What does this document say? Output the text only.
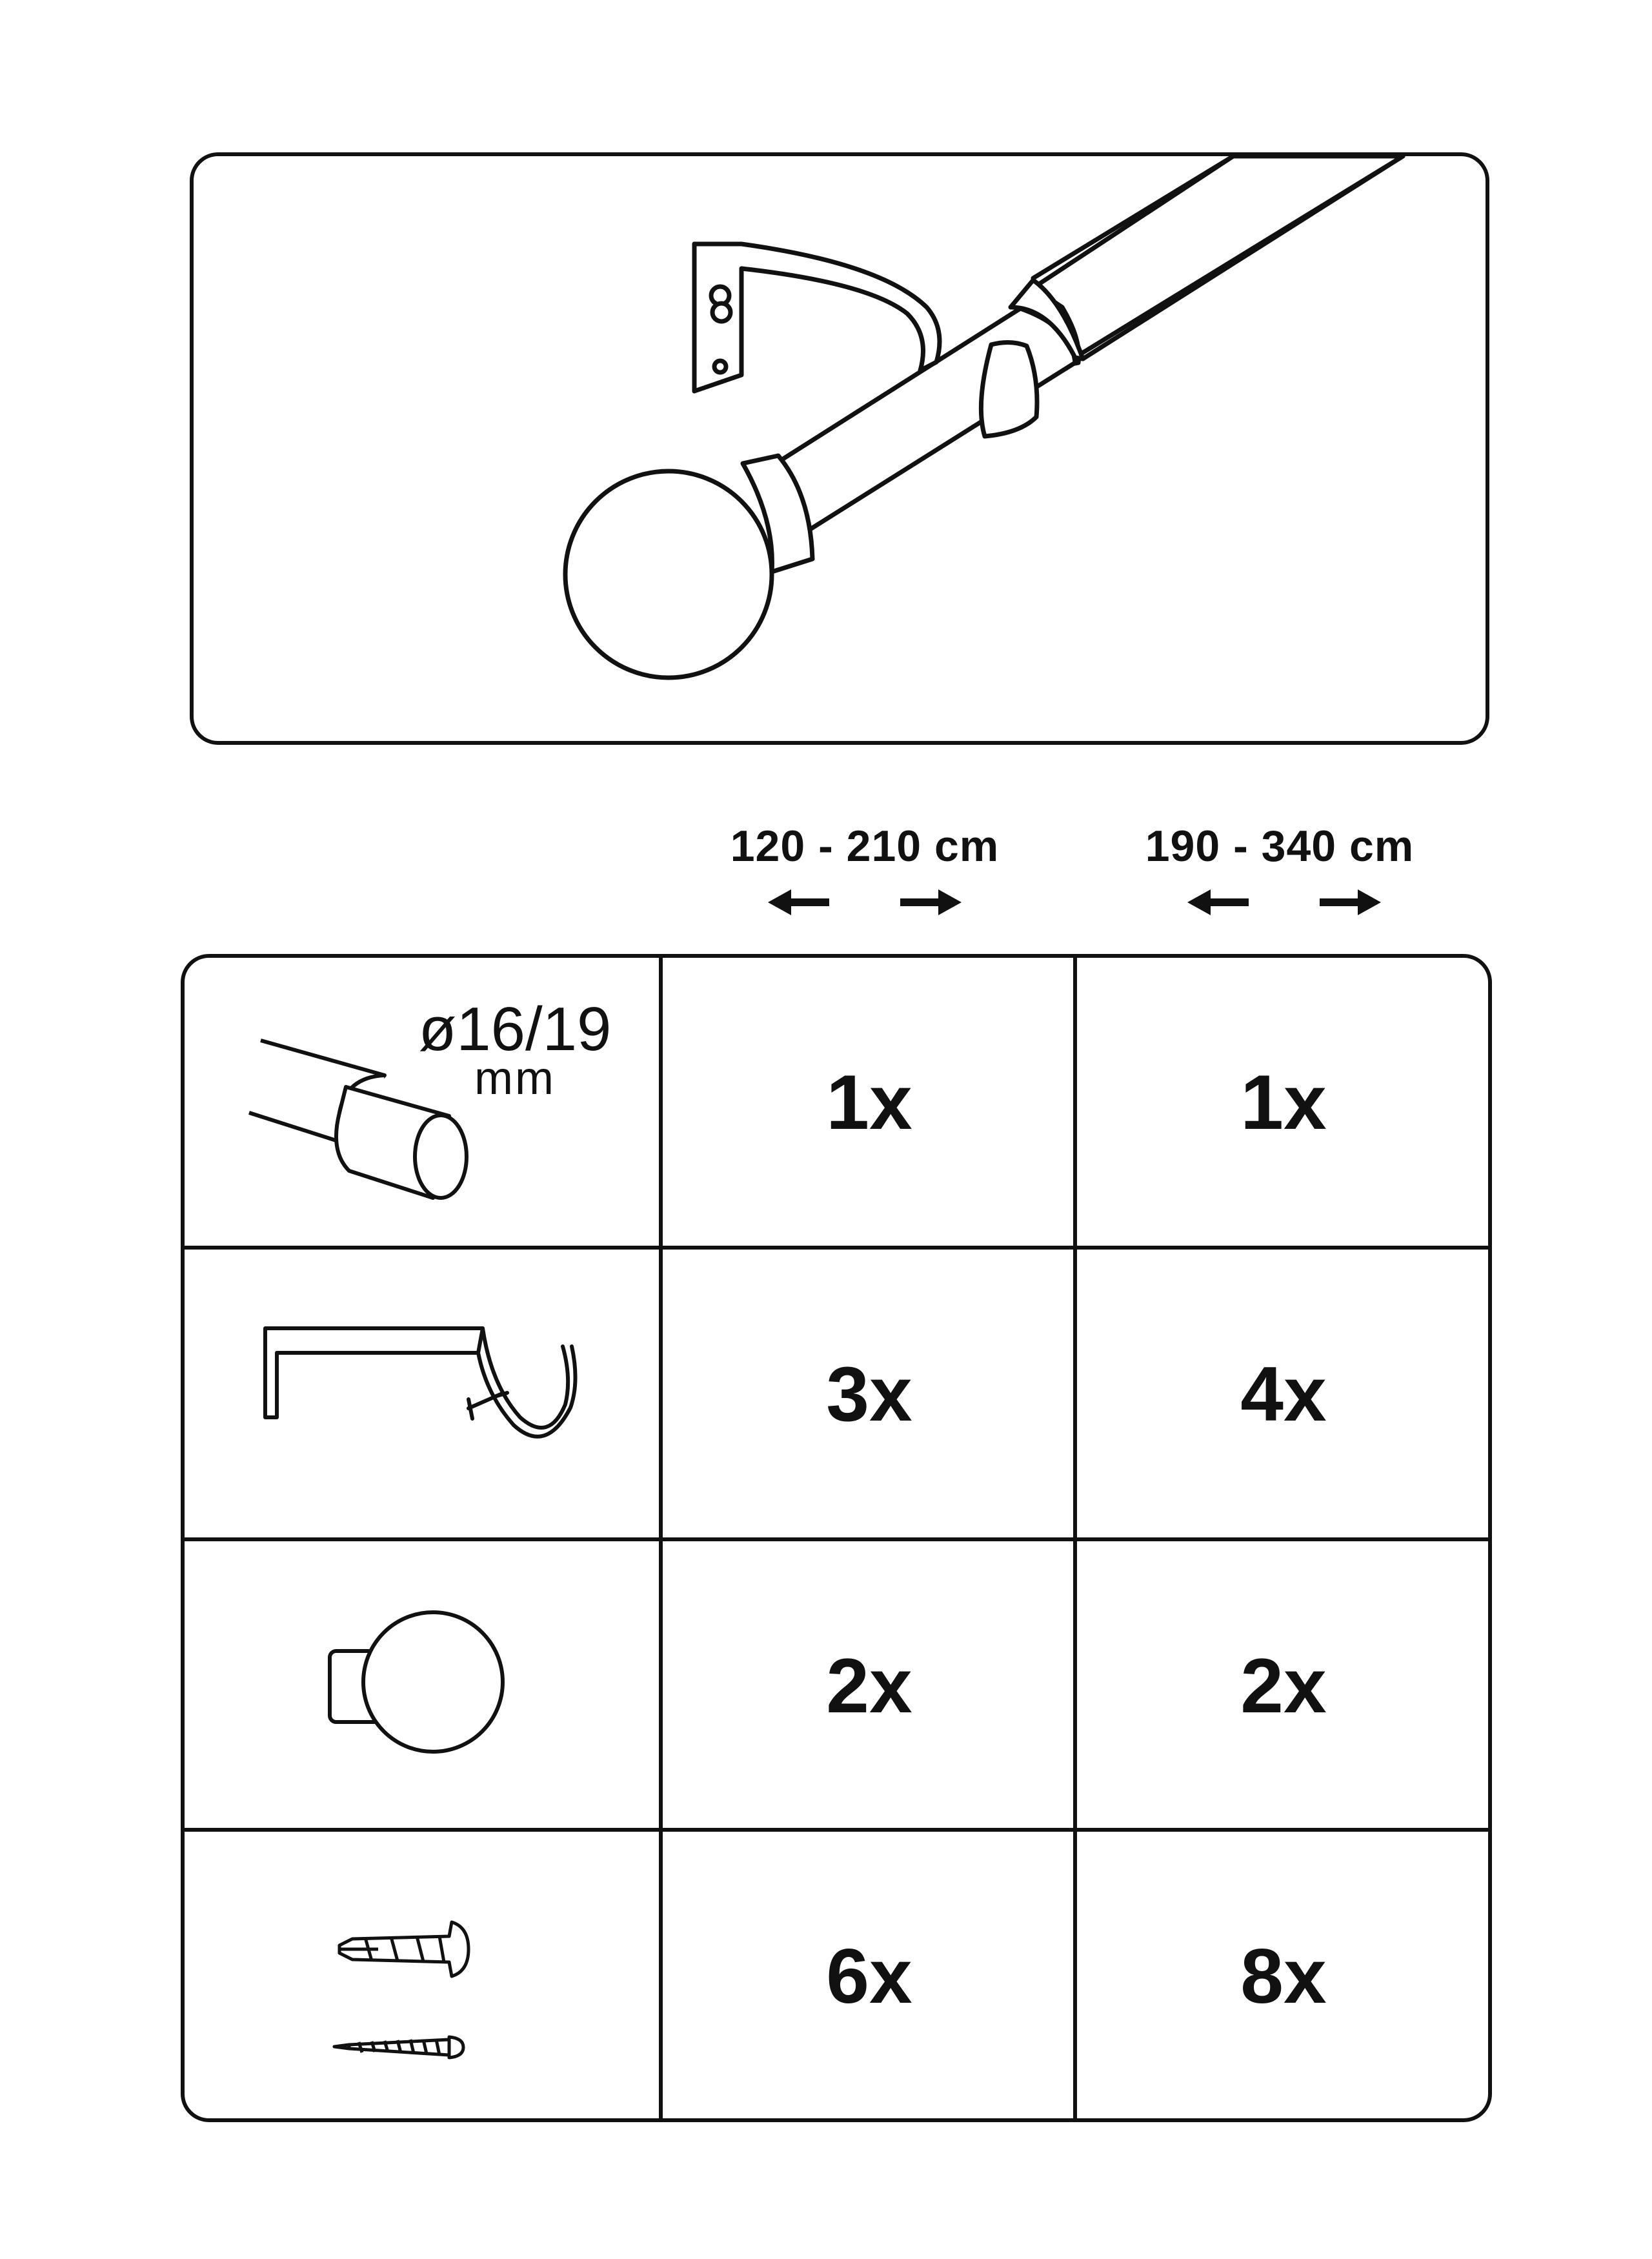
120 - 210 cm	190 - 340 cm
ø16/19
mm	1x	1x
3x	4x
2x	2x
6x	8x
